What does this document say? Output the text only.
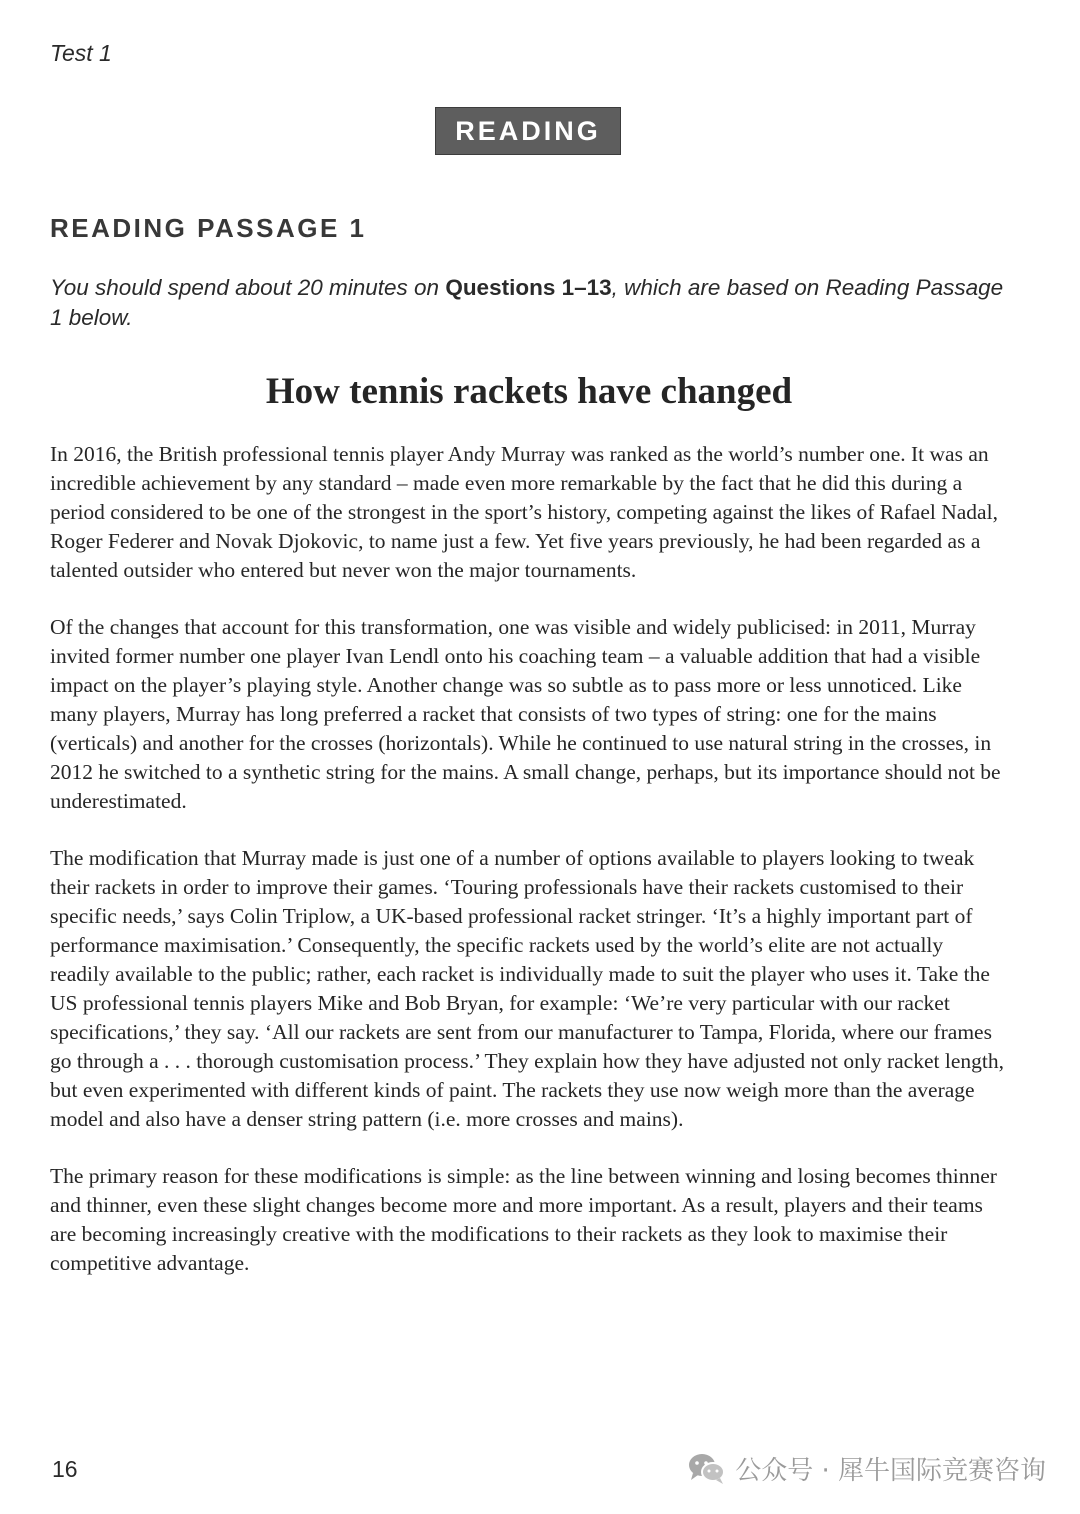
Test 1
READING
READING PASSAGE 1
You should spend about 20 minutes on Questions 1–13, which are based on Reading Passage 1 below.
How tennis rackets have changed

In 2016, the British professional tennis player Andy Murray was ranked as the world’s number one. It was an incredible achievement by any standard – made even more remarkable by the fact that he did this during a period considered to be one of the strongest in the sport’s history, competing against the likes of Rafael Nadal, Roger Federer and Novak Djokovic, to name just a few. Yet five years previously, he had been regarded as a talented outsider who entered but never won the major tournaments.

Of the changes that account for this transformation, one was visible and widely publicised: in 2011, Murray invited former number one player Ivan Lendl onto his coaching team – a valuable addition that had a visible impact on the player’s playing style. Another change was so subtle as to pass more or less unnoticed. Like many players, Murray has long preferred a racket that consists of two types of string: one for the mains (verticals) and another for the crosses (horizontals). While he continued to use natural string in the crosses, in 2012 he switched to a synthetic string for the mains. A small change, perhaps, but its importance should not be underestimated.

The modification that Murray made is just one of a number of options available to players looking to tweak their rackets in order to improve their games. ‘Touring professionals have their rackets customised to their specific needs,’ says Colin Triplow, a UK-based professional racket stringer. ‘It’s a highly important part of performance maximisation.’ Consequently, the specific rackets used by the world’s elite are not actually readily available to the public; rather, each racket is individually made to suit the player who uses it. Take the US professional tennis players Mike and Bob Bryan, for example: ‘We’re very particular with our racket specifications,’ they say. ‘All our rackets are sent from our manufacturer to Tampa, Florida, where our frames go through a . . . thorough customisation process.’ They explain how they have adjusted not only racket length, but even experimented with different kinds of paint. The rackets they use now weigh more than the average model and also have a denser string pattern (i.e. more crosses and mains).

The primary reason for these modifications is simple: as the line between winning and losing becomes thinner and thinner, even these slight changes become more and more important. As a result, players and their teams are becoming increasingly creative with the modifications to their rackets as they look to maximise their competitive advantage.

16	公众号 · 犀牛国际竞赛咨询
